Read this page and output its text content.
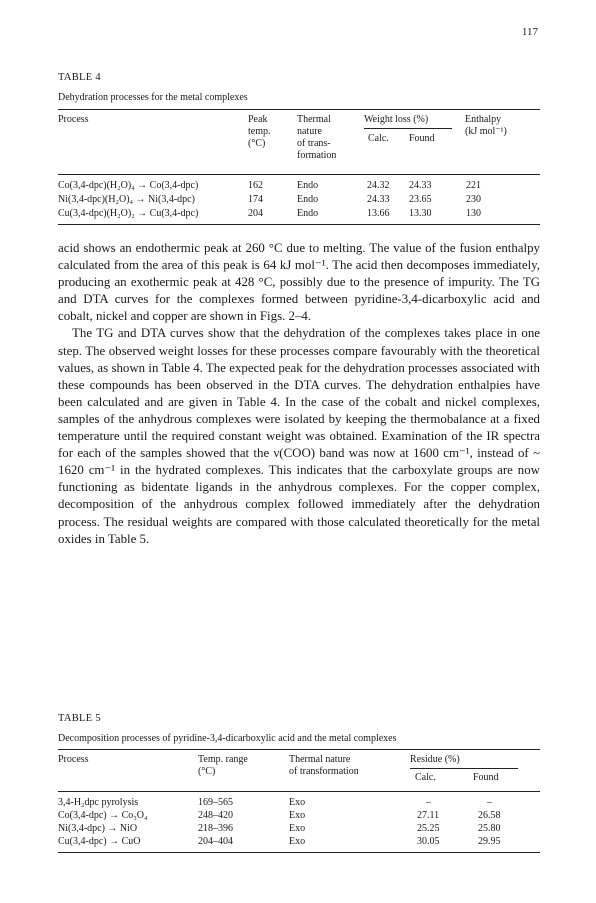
117
TABLE 4
Dehydration processes for the metal complexes
Process	Peak
temp.
(°C)
Thermal
nature
of trans-
formation
Weight loss (%)
Calc. Found
Enthalpy
(kJ mol⁻¹)
Co(3,4-dpc)(H₂O)₄ → Co(3,4-dpc)	162	Endo	24.32 24.33	221
Ni(3,4-dpc)(H₂O)₄ → Ni(3,4-dpc)	174	Endo	24.33 23.65	230
Cu(3,4-dpc)(H₂O)₂ → Cu(3,4-dpc)	204	Endo	13.66 13.30	130

acid shows an endothermic peak at 260 °C due to melting. The value of the fusion enthalpy calculated from the area of this peak is 64 kJ mol⁻¹. The acid then decomposes immediately, producing an exothermic peak at 428 °C, possibly due to the presence of impurity. The TG and DTA curves for the complexes formed between pyridine-3,4-dicarboxylic acid and cobalt, nickel and copper are shown in Figs. 2–4.

The TG and DTA curves show that the dehydration of the complexes takes place in one step. The observed weight losses for these processes compare favourably with the theoretical values, as shown in Table 4. The expected peak for the dehydration processes associated with these compounds has been observed in the DTA curves. The dehydration enthalpies have been calculated and are given in Table 4. In the case of the cobalt and nickel complexes, samples of the anhydrous complexes were isolated by keeping the thermobalance at a fixed temperature until the required constant weight was obtained. Examination of the IR spectra for each of the samples showed that the ν(COO) band was now at 1600 cm⁻¹, instead of ~ 1620 cm⁻¹ in the hydrated complexes. This indicates that the carboxylate groups are now functioning as bidentate ligands in the anhydrous complexes. For the copper complex, decomposition of the anhydrous complex followed immediately after the dehydration process. The residual weights are compared with those calculated theoretically for the metal oxides in Table 5.

TABLE 5
Decomposition processes of pyridine-3,4-dicarboxylic acid and the metal complexes
Process	Temp. range
(°C)
Thermal nature
of transformation
Residue (%)
Calc.	Found
3,4-H₂dpc pyrolysis	169–565	Exo	–	–
Co(3,4-dpc) → Co₃O₄	248–420	Exo	27.11	26.58
Ni(3,4-dpc) → NiO	218–396	Exo	25.25	25.80
Cu(3,4-dpc) → CuO	204–404	Exo	30.05	29.95
